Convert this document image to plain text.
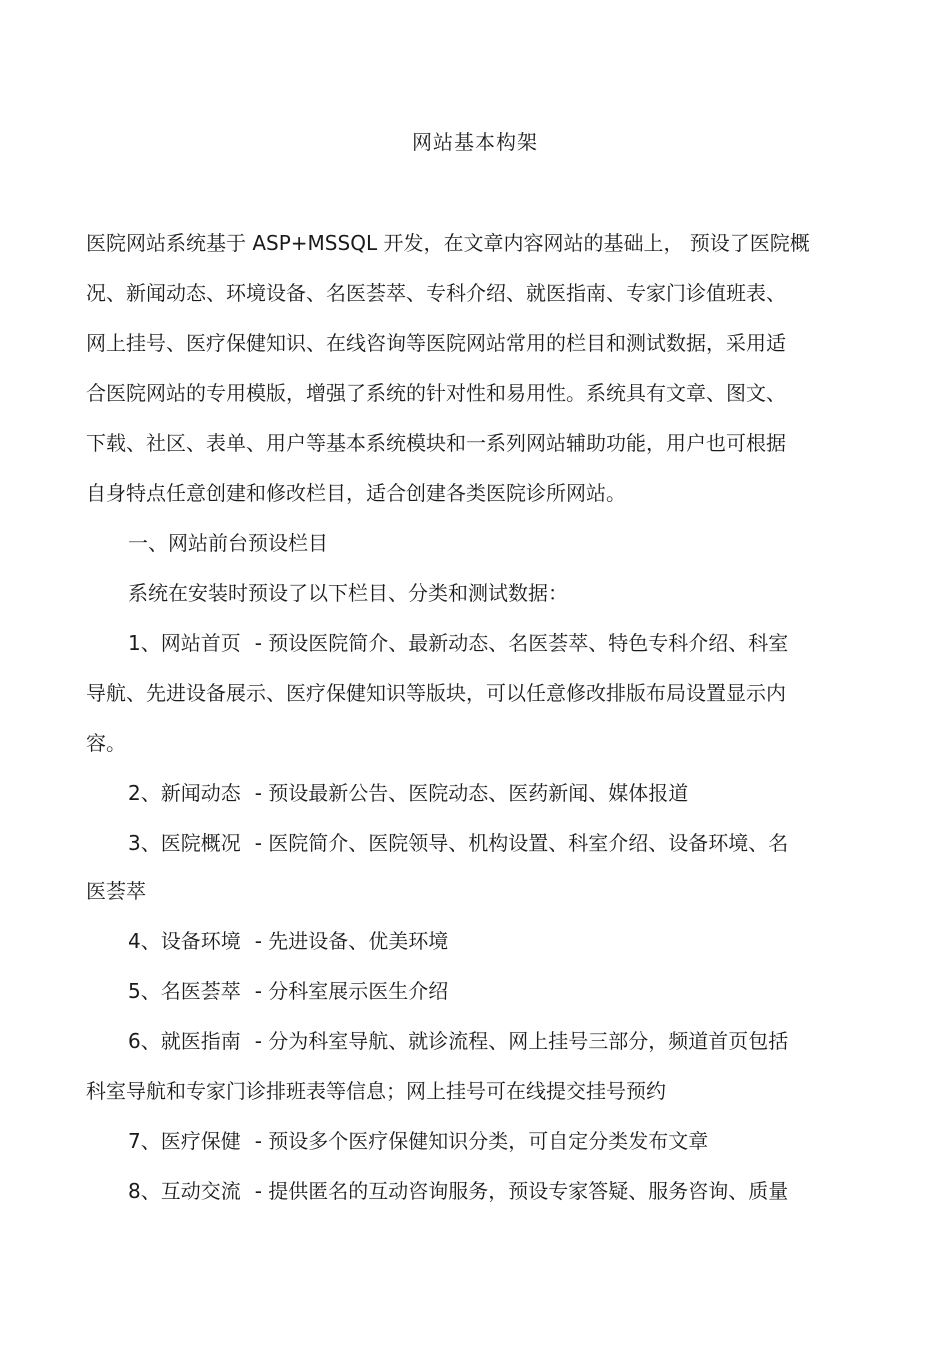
网站基本构架
医院网站系统基于 ASP+MSSQL 开发，在文章内容网站的基础上， 预设了医院概
况、新闻动态、环境设备、名医荟萃、专科介绍、就医指南、专家门诊值班表、
网上挂号、医疗保健知识、在线咨询等医院网站常用的栏目和测试数据，采用适
合医院网站的专用模版，增强了系统的针对性和易用性。系统具有文章、图文、
下载、社区、表单、用户等基本系统模块和一系列网站辅助功能，用户也可根据
自身特点任意创建和修改栏目，适合创建各类医院诊所网站。
一、网站前台预设栏目
系统在安装时预设了以下栏目、分类和测试数据：
1、网站首页 - 预设医院简介、最新动态、名医荟萃、特色专科介绍、科室
导航、先进设备展示、医疗保健知识等版块，可以任意修改排版布局设置显示内
容。
2、新闻动态 - 预设最新公告、医院动态、医药新闻、媒体报道
3、医院概况 - 医院简介、医院领导、机构设置、科室介绍、设备环境、名
医荟萃
4、设备环境 - 先进设备、优美环境
5、名医荟萃 - 分科室展示医生介绍
6、就医指南 - 分为科室导航、就诊流程、网上挂号三部分，频道首页包括
科室导航和专家门诊排班表等信息；网上挂号可在线提交挂号预约
7、医疗保健 - 预设多个医疗保健知识分类，可自定分类发布文章
8、互动交流 - 提供匿名的互动咨询服务，预设专家答疑、服务咨询、质量
